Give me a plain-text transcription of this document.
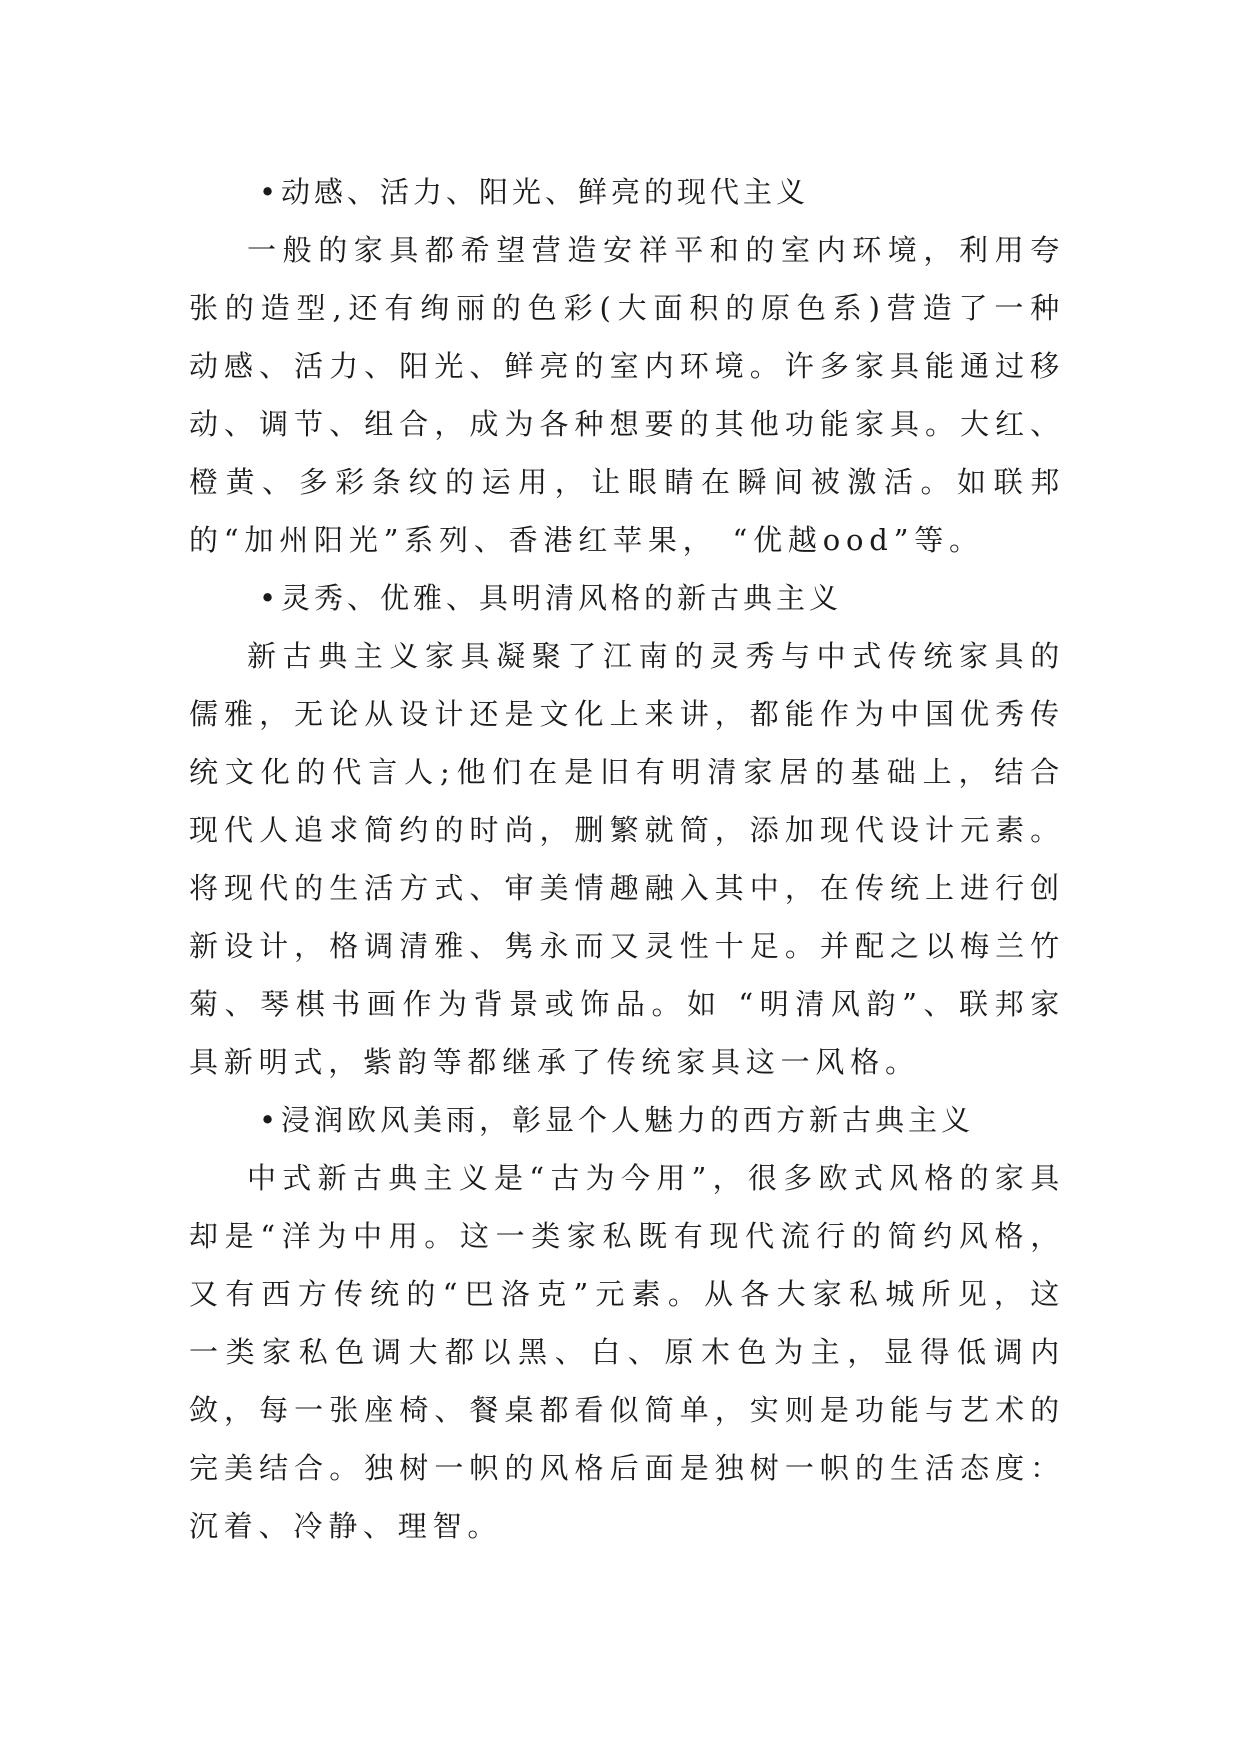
•动感、活力、阳光、鲜亮的现代主义

一般的家具都希望营造安祥平和的室内环境，利用夸张的造型,还有绚丽的色彩(大面积的原色系)营造了一种动感、活力、阳光、鲜亮的室内环境。许多家具能通过移动、调节、组合，成为各种想要的其他功能家具。大红、橙黄、多彩条纹的运用，让眼睛在瞬间被激活。如联邦的“加州阳光”系列、香港红苹果， “优越ood”等。

•灵秀、优雅、具明清风格的新古典主义

新古典主义家具凝聚了江南的灵秀与中式传统家具的儒雅，无论从设计还是文化上来讲，都能作为中国优秀传统文化的代言人;他们在是旧有明清家居的基础上，结合现代人追求简约的时尚，删繁就简，添加现代设计元素。将现代的生活方式、审美情趣融入其中，在传统上进行创新设计，格调清雅、隽永而又灵性十足。并配之以梅兰竹菊、琴棋书画作为背景或饰品。如 “明清风韵”、联邦家具新明式，紫韵等都继承了传统家具这一风格。

•浸润欧风美雨，彰显个人魅力的西方新古典主义

中式新古典主义是“古为今用”，很多欧式风格的家具却是“洋为中用。这一类家私既有现代流行的简约风格，又有西方传统的“巴洛克”元素。从各大家私城所见，这一类家私色调大都以黑、白、原木色为主，显得低调内敛，每一张座椅、餐桌都看似简单，实则是功能与艺术的完美结合。独树一帜的风格后面是独树一帜的生活态度：沉着、冷静、理智。
